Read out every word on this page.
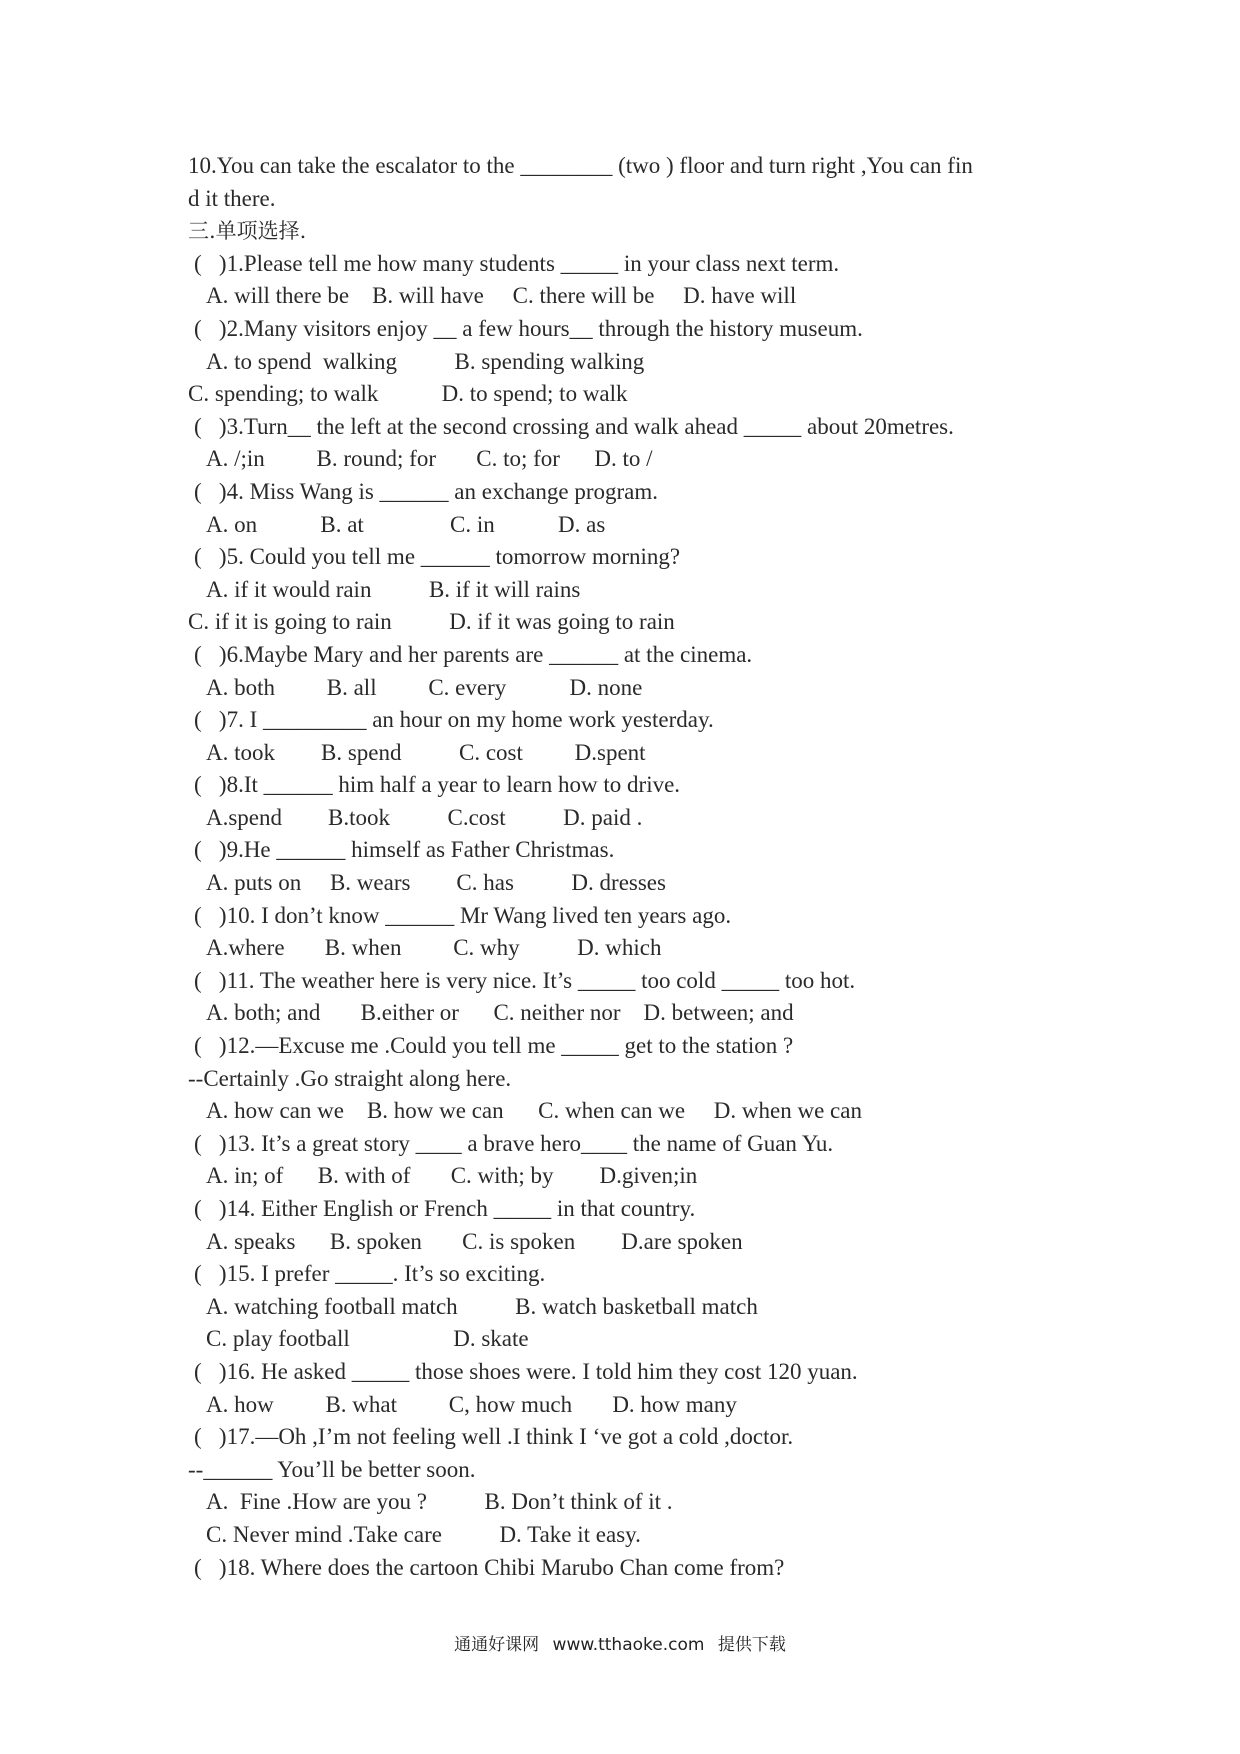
10.You can take the escalator to the ________ (two ) floor and turn right ,You can fin
d it there.
三.单项选择.
(   )1.Please tell me how many students _____ in your class next term.
A. will there be    B. will have     C. there will be     D. have will
(   )2.Many visitors enjoy __ a few hours__ through the history museum.
A. to spend  walking          B. spending walking
C. spending; to walk           D. to spend; to walk
(   )3.Turn__ the left at the second crossing and walk ahead _____ about 20metres.
A. /;in         B. round; for       C. to; for      D. to /
(   )4. Miss Wang is ______ an exchange program.
A. on           B. at               C. in           D. as
(   )5. Could you tell me ______ tomorrow morning?
A. if it would rain          B. if it will rains
C. if it is going to rain          D. if it was going to rain
(   )6.Maybe Mary and her parents are ______ at the cinema.
A. both         B. all         C. every           D. none
(   )7. I _________ an hour on my home work yesterday.
A. took        B. spend          C. cost         D.spent
(   )8.It ______ him half a year to learn how to drive.
A.spend        B.took          C.cost          D. paid .
(   )9.He ______ himself as Father Christmas.
A. puts on     B. wears        C. has          D. dresses
(   )10. I don’t know ______ Mr Wang lived ten years ago.
A.where       B. when         C. why          D. which
(   )11. The weather here is very nice. It’s _____ too cold _____ too hot.
A. both; and       B.either or      C. neither nor    D. between; and
(   )12.—Excuse me .Could you tell me _____ get to the station ?
--Certainly .Go straight along here.
A. how can we    B. how we can      C. when can we     D. when we can
(   )13. It’s a great story ____ a brave hero____ the name of Guan Yu.
A. in; of      B. with of       C. with; by        D.given;in
(   )14. Either English or French _____ in that country.
A. speaks      B. spoken       C. is spoken        D.are spoken
(   )15. I prefer _____. It’s so exciting.
A. watching football match          B. watch basketball match
C. play football                  D. skate
(   )16. He asked _____ those shoes were. I told him they cost 120 yuan.
A. how         B. what         C, how much       D. how many
(   )17.—Oh ,I’m not feeling well .I think I ‘ve got a cold ,doctor.
--______ You’ll be better soon.
A.  Fine .How are you ?          B. Don’t think of it .
C. Never mind .Take care          D. Take it easy.
(   )18. Where does the cartoon Chibi Marubo Chan come from?
通通好课网 www.tthaoke.com 提供下载
